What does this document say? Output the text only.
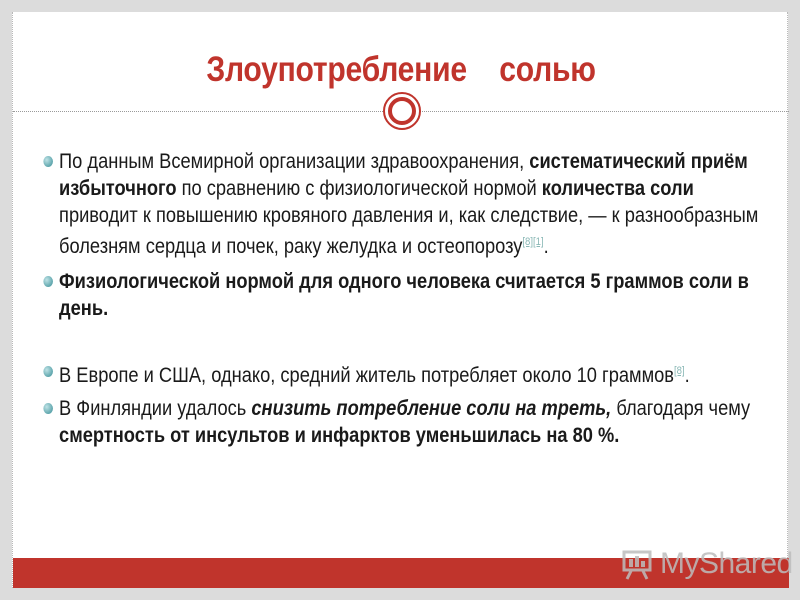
Злоупотребление    солью
По данным Всемирной организации здравоохранения, систематический приём избыточного по сравнению с физиологической нормой количества соли приводит к повышению кровяного давления и, как следствие, — к разнообразным болезням сердца и почек, раку желудка и остеопорозу[8][1].
Физиологической нормой для одного человека считается 5 граммов соли в день.
В Европе и США, однако, средний житель потребляет около 10 граммов[8].
В Финляндии удалось снизить потребление соли на треть, благодаря чему смертность от инсультов и инфарктов уменьшилась на 80 %.
MyShared
